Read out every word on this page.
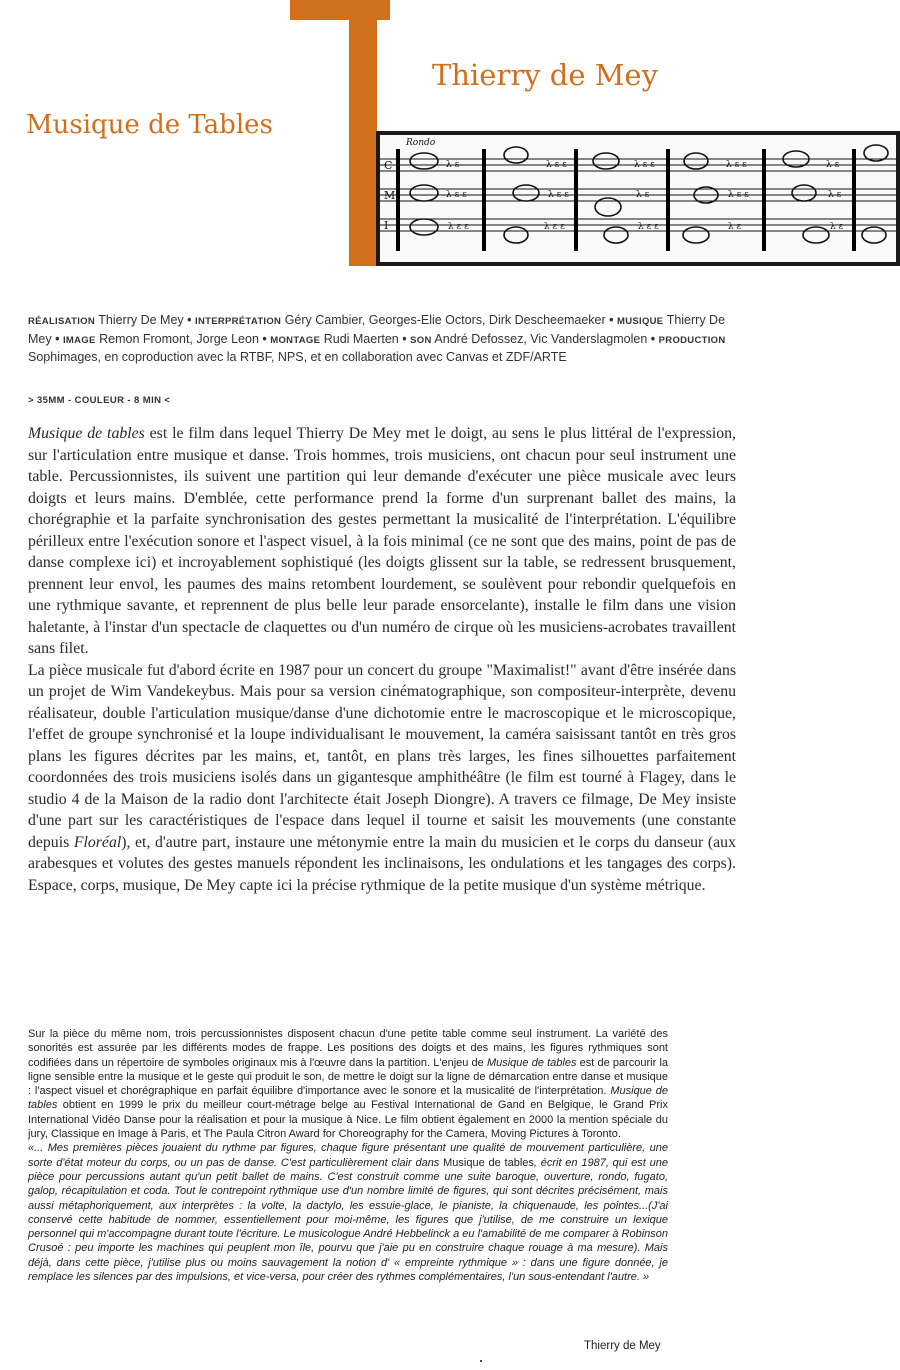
Thierry de Mey
Musique de Tables
Rondo
C
M
I
λ ε	λ ε ε	λ ε ε	λ ε ε	λ ε
λ ε ε	λ ε ε	λ ε	λ ε ε	λ ε
λ ε ε	λ ε ε	λ ε ε	λ ε	λ ε
RÉALISATION Thierry De Mey • INTERPRÉTATION Géry Cambier, Georges-Elie Octors, Dirk Descheemaeker • MUSIQUE Thierry De Mey • IMAGE Remon Fromont, Jorge Leon • MONTAGE Rudi Maerten • SON André Defossez, Vic Vanderslagmolen • PRODUCTION Sophimages, en coproduction avec la RTBF, NPS, et en collaboration avec Canvas et ZDF/ARTE
> 35MM - COULEUR - 8 MIN <

Musique de tables est le film dans lequel Thierry De Mey met le doigt, au sens le plus littéral de l'expression, sur l'articulation entre musique et danse. Trois hommes, trois musiciens, ont chacun pour seul instrument une table. Percussionnistes, ils suivent une partition qui leur demande d'exécuter une pièce musicale avec leurs doigts et leurs mains. D'emblée, cette performance prend la forme d'un surprenant ballet des mains, la chorégraphie et la parfaite synchronisation des gestes permettant la musicalité de l'interprétation. L'équilibre périlleux entre l'exécution sonore et l'aspect visuel, à la fois minimal (ce ne sont que des mains, point de pas de danse complexe ici) et incroyablement sophistiqué (les doigts glissent sur la table, se redressent brusquement, prennent leur envol, les paumes des mains retombent lourdement, se soulèvent pour rebondir quelquefois en une rythmique savante, et reprennent de plus belle leur parade ensorcelante), installe le film dans une vision haletante, à l'instar d'un spectacle de claquettes ou d'un numéro de cirque où les musiciens-acrobates travaillent sans filet.

La pièce musicale fut d'abord écrite en 1987 pour un concert du groupe "Maximalist!" avant d'être insérée dans un projet de Wim Vandekeybus. Mais pour sa version cinématographique, son compositeur-interprète, devenu réalisateur, double l'articulation musique/danse d'une dichotomie entre le macroscopique et le microscopique, l'effet de groupe synchronisé et la loupe individualisant le mouvement, la caméra saisissant tantôt en très gros plans les figures décrites par les mains, et, tantôt, en plans très larges, les fines silhouettes parfaitement coordonnées des trois musiciens isolés dans un gigantesque amphithéâtre (le film est tourné à Flagey, dans le studio 4 de la Maison de la radio dont l'architecte était Joseph Diongre). A travers ce filmage, De Mey insiste d'une part sur les caractéristiques de l'espace dans lequel il tourne et saisit les mouvements (une constante depuis Floréal), et, d'autre part, instaure une métonymie entre la main du musicien et le corps du danseur (aux arabesques et volutes des gestes manuels répondent les inclinaisons, les ondulations et les tangages des corps). Espace, corps, musique, De Mey capte ici la précise rythmique de la petite musique d'un système métrique.

Sur la pièce du même nom, trois percussionnistes disposent chacun d'une petite table comme seul instrument. La variété des sonorités est assurée par les différents modes de frappe. Les positions des doigts et des mains, les figures rythmiques sont codifiées dans un répertoire de symboles originaux mis à l'œuvre dans la partition. L'enjeu de Musique de tables est de parcourir la ligne sensible entre la musique et le geste qui produit le son, de mettre le doigt sur la ligne de démarcation entre danse et musique : l'aspect visuel et chorégraphique en parfait équilibre d'importance avec le sonore et la musicalité de l'interprétation. Musique de tables obtient en 1999 le prix du meilleur court-métrage belge au Festival International de Gand en Belgique, le Grand Prix International Vidéo Danse pour la réalisation et pour la musique à Nice. Le film obtient également en 2000 la mention spéciale du jury, Classique en Image à Paris, et The Paula Citron Award for Choreography for the Camera, Moving Pictures à Toronto.

«... Mes premières pièces jouaient du rythme par figures, chaque figure présentant une qualité de mouvement particulière, une sorte d'état moteur du corps, ou un pas de danse. C'est particulièrement clair dans Musique de tables, écrit en 1987, qui est une pièce pour percussions autant qu'un petit ballet de mains. C'est construit comme une suite baroque, ouverture, rondo, fugato, galop, récapitulation et coda. Tout le contrepoint rythmique use d'un nombre limité de figures, qui sont décrites précisément, mais aussi métaphoriquement, aux interprètes : la volte, la dactylo, les essuie-glace, le pianiste, la chiquenaude, les pointes...(J'ai conservé cette habitude de nommer, essentiellement pour moi-même, les figures que j'utilise, de me construire un lexique personnel qui m'accompagne durant toute l'écriture. Le musicologue André Hebbelinck a eu l'amabilité de me comparer à Robinson Crusoé : peu importe les machines qui peuplent mon île, pourvu que j'aie pu en construire chaque rouage à ma mesure). Mais déjà, dans cette pièce, j'utilise plus ou moins sauvagement la notion d' « empreinte rythmique » : dans une figure donnée, je remplace les silences par des impulsions, et vice-versa, pour créer des rythmes complémentaires, l'un sous-entendant l'autre. »

Thierry de Mey
